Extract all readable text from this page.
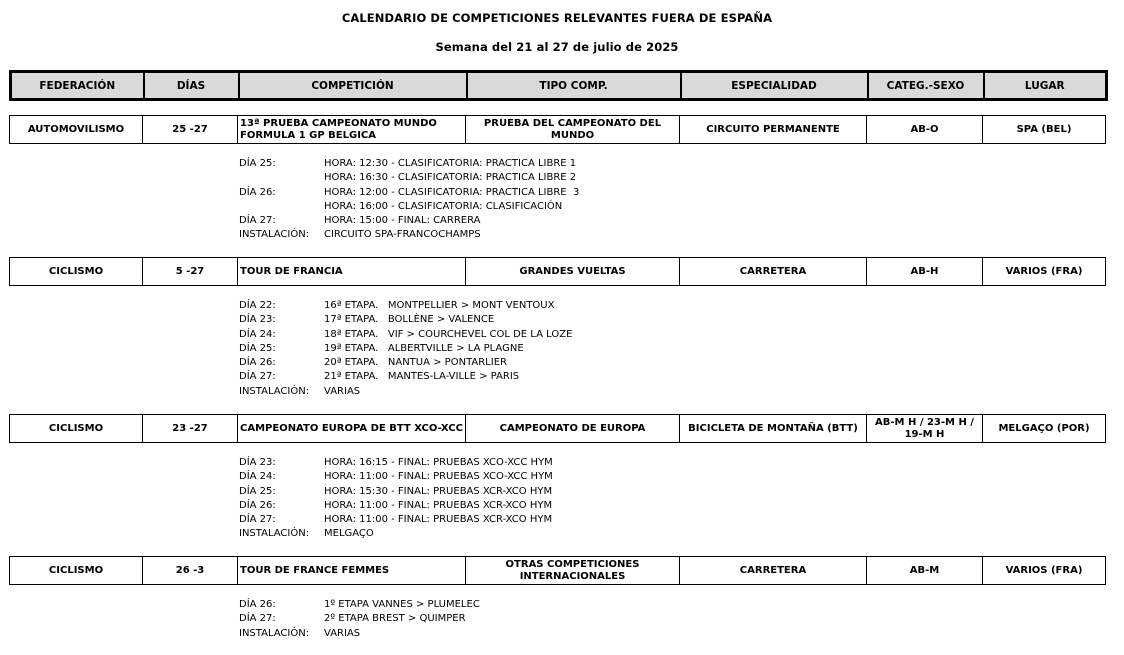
CALENDARIO DE COMPETICIONES RELEVANTES FUERA DE ESPAÑA
Semana del 21 al 27 de julio de 2025
FEDERACIÓN	DÍAS	COMPETICIÓN	TIPO COMP.	ESPECIALIDAD	CATEG.-SEXO	LUGAR
AUTOMOVILISMO	25 -27	13ª PRUEBA CAMPEONATO MUNDO FORMULA 1 GP BELGICA	PRUEBA DEL CAMPEONATO DEL MUNDO	CIRCUITO PERMANENTE	AB-O	SPA (BEL)
DÍA 25:	HORA: 12:30 - CLASIFICATORIA: PRACTICA LIBRE 1
HORA: 16:30 - CLASIFICATORIA: PRACTICA LIBRE 2
DÍA 26:	HORA: 12:00 - CLASIFICATORIA: PRACTICA LIBRE  3
HORA: 16:00 - CLASIFICATORIA: CLASIFICACIÓN
DÍA 27:	HORA: 15:00 - FINAL: CARRERA
INSTALACIÓN: CIRCUITO SPA-FRANCOCHAMPS
CICLISMO	5 -27	TOUR DE FRANCIA	GRANDES VUELTAS	CARRETERA	AB-H	VARIOS (FRA)
DÍA 22:	16ª ETAPA.   MONTPELLIER > MONT VENTOUX
DÍA 23:	17ª ETAPA.   BOLLÈNE > VALENCE
DÍA 24:	18ª ETAPA.   VIF > COURCHEVEL COL DE LA LOZE
DÍA 25:	19ª ETAPA.   ALBERTVILLE > LA PLAGNE
DÍA 26:	20ª ETAPA.   NANTUA > PONTARLIER
DÍA 27:	21ª ETAPA.   MANTES-LA-VILLE > PARIS
INSTALACIÓN: VARIAS
CICLISMO	23 -27	CAMPEONATO EUROPA DE BTT XCO-XCC	CAMPEONATO DE EUROPA	BICICLETA DE MONTAÑA (BTT)	AB-M H / 23-M H / 19-M H	MELGAÇO (POR)
DÍA 23:	HORA: 16:15 - FINAL: PRUEBAS XCO-XCC HYM
DÍA 24:	HORA: 11:00 - FINAL: PRUEBAS XCO-XCC HYM
DÍA 25:	HORA: 15:30 - FINAL: PRUEBAS XCR-XCO HYM
DÍA 26:	HORA: 11:00 - FINAL: PRUEBAS XCR-XCO HYM
DÍA 27:	HORA: 11:00 - FINAL: PRUEBAS XCR-XCO HYM
INSTALACIÓN: MELGAÇO
CICLISMO	26 -3	TOUR DE FRANCE FEMMES	OTRAS COMPETICIONES INTERNACIONALES	CARRETERA	AB-M	VARIOS (FRA)
DÍA 26:	1º ETAPA VANNES > PLUMELEC
DÍA 27:	2º ETAPA BREST > QUIMPER
INSTALACIÓN: VARIAS
